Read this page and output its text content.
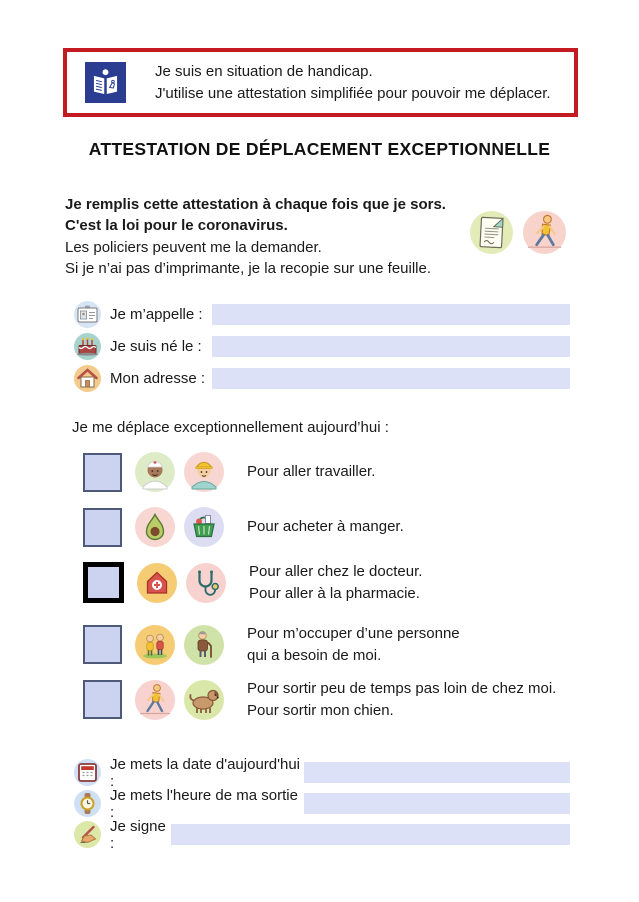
Je suis en situation de handicap.
J'utilise une attestation simplifiée pour pouvoir me déplacer.
ATTESTATION DE DÉPLACEMENT EXCEPTIONNELLE
Je remplis cette attestation à chaque fois que je sors.
C'est la loi pour le coronavirus.
Les policiers peuvent me la demander.
Si je n’ai pas d’imprimante, je la recopie sur une feuille.
Je m’appelle :
Je suis né le :
Mon adresse :
Je me déplace exceptionnellement aujourd’hui :
Pour aller travailler.
Pour acheter à manger.
Pour aller chez le docteur.
Pour aller à la pharmacie.
Pour m’occuper d’une personne
qui a besoin de moi.
Pour sortir peu de temps pas loin de chez moi.
Pour sortir mon chien.
Je mets la date d'aujourd'hui :
Je mets l'heure de ma sortie :
Je signe :
